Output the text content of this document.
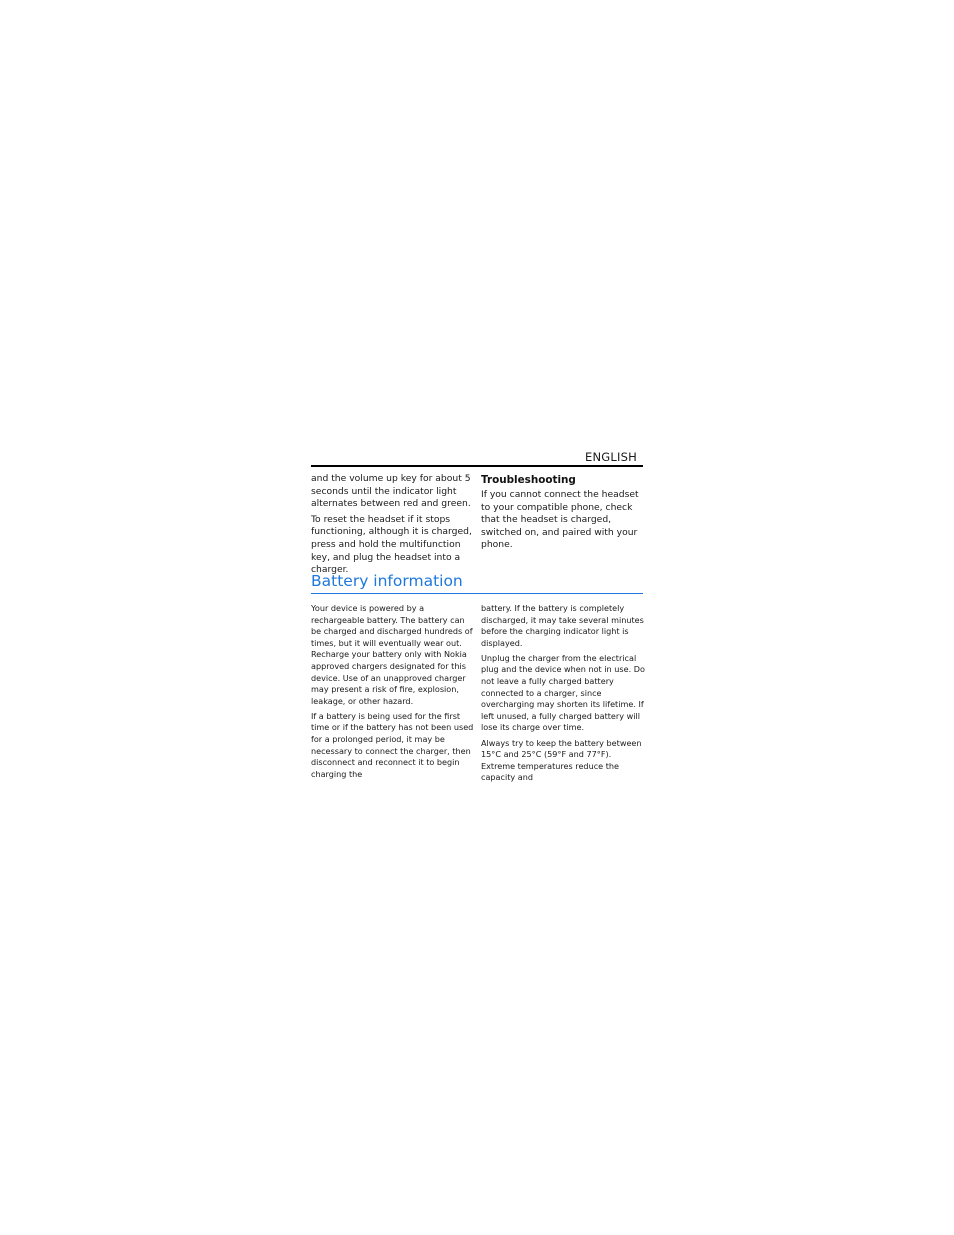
ENGLISH

and the volume up key for about 5 seconds until the indicator light alternates between red and green.

To reset the headset if it stops functioning, although it is charged, press and hold the multifunction key, and plug the headset into a charger.

Troubleshooting

If you cannot connect the headset to your compatible phone, check that the headset is charged, switched on, and paired with your phone.

Battery information

Your device is powered by a rechargeable battery. The battery can be charged and discharged hundreds of times, but it will eventually wear out. Recharge your battery only with Nokia approved chargers designated for this device. Use of an unapproved charger may present a risk of fire, explosion, leakage, or other hazard.

If a battery is being used for the first time or if the battery has not been used for a prolonged period, it may be necessary to connect the charger, then disconnect and reconnect it to begin charging the

battery. If the battery is completely discharged, it may take several minutes before the charging indicator light is displayed.

Unplug the charger from the electrical plug and the device when not in use. Do not leave a fully charged battery connected to a charger, since overcharging may shorten its lifetime. If left unused, a fully charged battery will lose its charge over time.

Always try to keep the battery between 15°C and 25°C (59°F and 77°F). Extreme temperatures reduce the capacity and
